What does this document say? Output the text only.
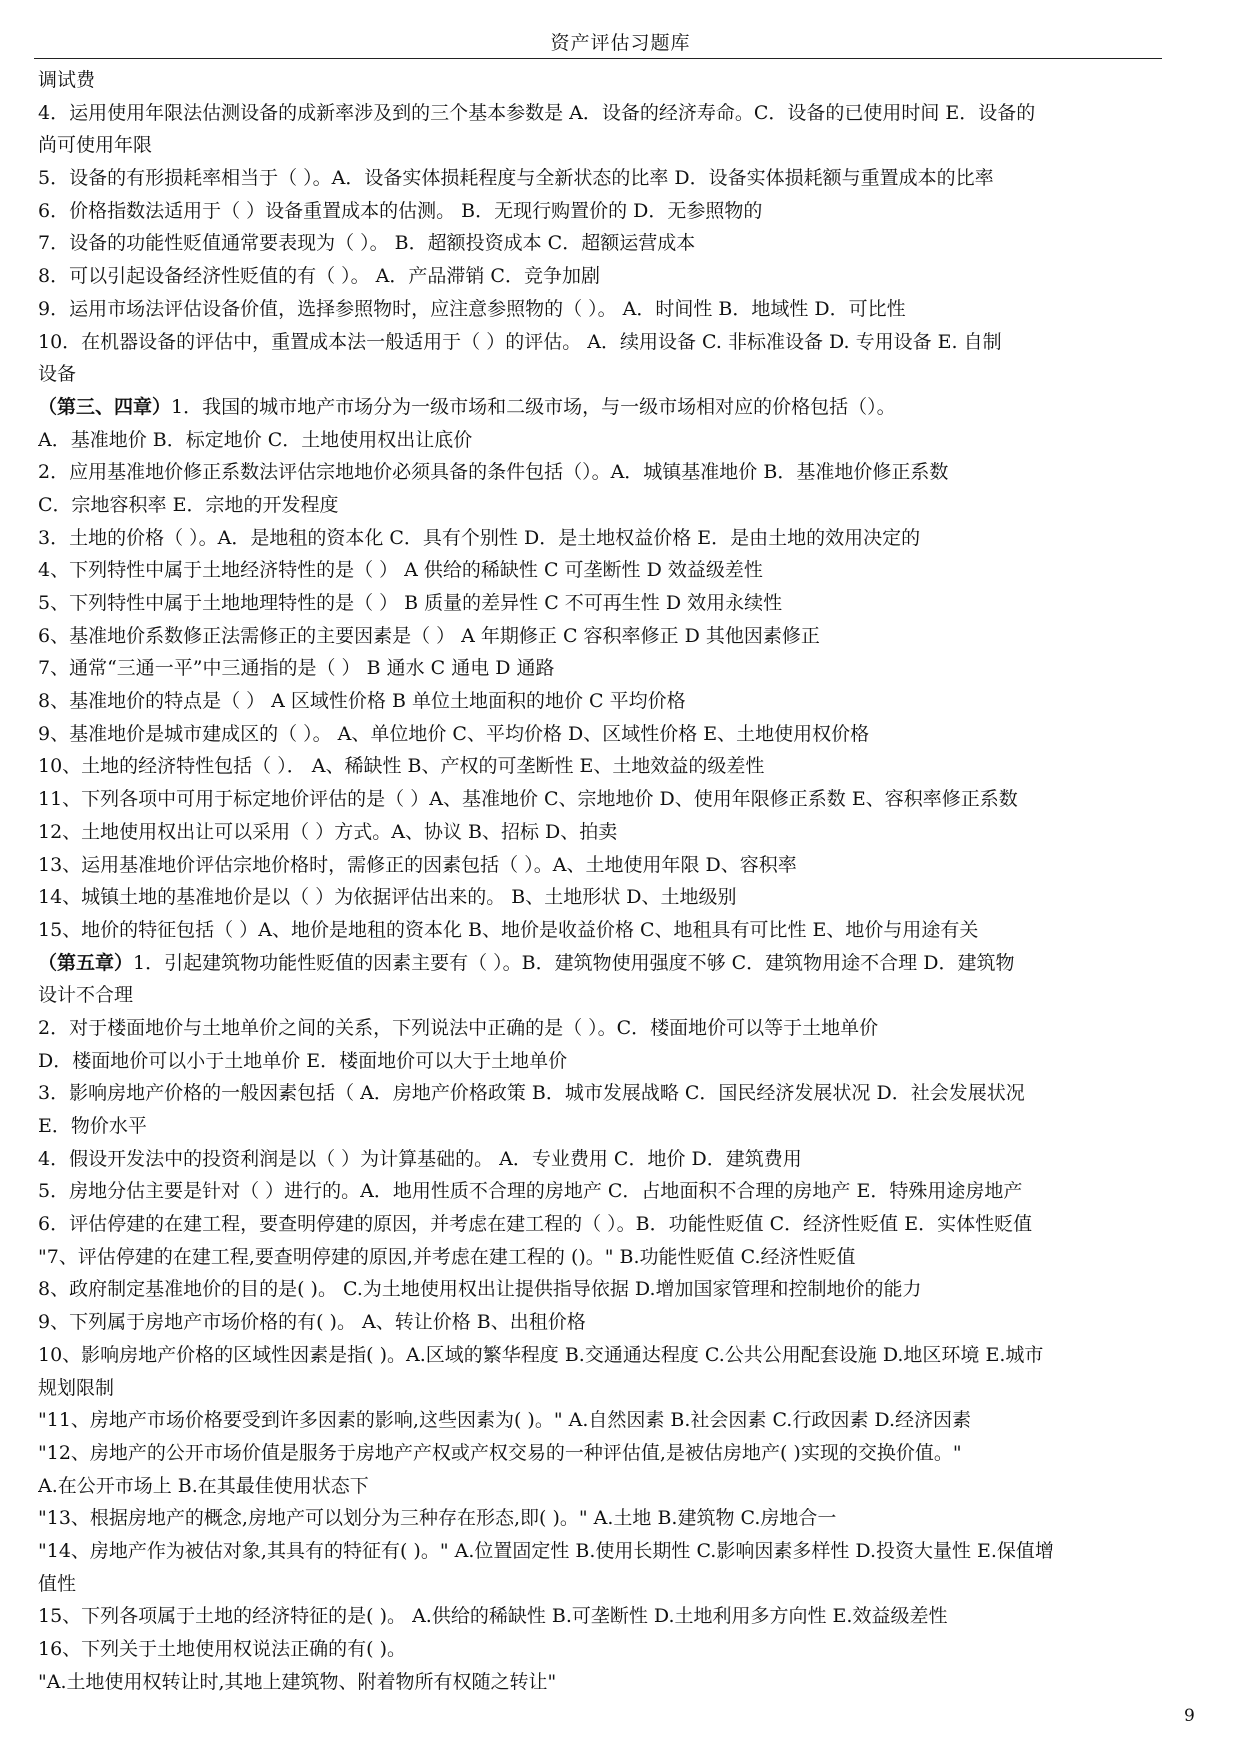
资产评估习题库
调试费
4．运用使用年限法估测设备的成新率涉及到的三个基本参数是 A．设备的经济寿命。C．设备的已使用时间 E．设备的
尚可使用年限
5．设备的有形损耗率相当于（ ）。A．设备实体损耗程度与全新状态的比率 D．设备实体损耗额与重置成本的比率
6．价格指数法适用于（ ）设备重置成本的估测。 B．无现行购置价的 D．无参照物的
7．设备的功能性贬值通常要表现为（ ）。 B．超额投资成本 C．超额运营成本
8．可以引起设备经济性贬值的有（ ）。 A．产品滞销 C．竞争加剧
9．运用市场法评估设备价值，选择参照物时，应注意参照物的（ ）。 A．时间性 B．地域性 D．可比性
10．在机器设备的评估中，重置成本法一般适用于（ ）的评估。 A．续用设备 C. 非标准设备 D. 专用设备 E. 自制
设备
（第三、四章）1．我国的城市地产市场分为一级市场和二级市场，与一级市场相对应的价格包括（）。
A．基准地价 B．标定地价 C．土地使用权出让底价
2．应用基准地价修正系数法评估宗地地价必须具备的条件包括（）。A．城镇基准地价 B．基准地价修正系数
C．宗地容积率 E．宗地的开发程度
3．土地的价格（ ）。A．是地租的资本化 C．具有个别性 D．是土地权益价格 E．是由土地的效用决定的
4、下列特性中属于土地经济特性的是（ ） A 供给的稀缺性 C 可垄断性 D 效益级差性
5、下列特性中属于土地地理特性的是（ ） B 质量的差异性 C 不可再生性 D 效用永续性
6、基准地价系数修正法需修正的主要因素是（ ） A 年期修正 C 容积率修正 D 其他因素修正
7、通常“三通一平”中三通指的是（ ） B 通水 C 通电 D 通路
8、基准地价的特点是（ ） A 区域性价格 B 单位土地面积的地价 C 平均价格
9、基准地价是城市建成区的（ ）。 A、单位地价 C、平均价格 D、区域性价格 E、土地使用权价格
10、土地的经济特性包括（ ）． A、稀缺性 B、产权的可垄断性 E、土地效益的级差性
11、下列各项中可用于标定地价评估的是（ ）A、基准地价 C、宗地地价 D、使用年限修正系数 E、容积率修正系数
12、土地使用权出让可以采用（ ）方式。A、协议 B、招标 D、拍卖
13、运用基准地价评估宗地价格时，需修正的因素包括（ ）。A、土地使用年限 D、容积率
14、城镇土地的基准地价是以（ ）为依据评估出来的。 B、土地形状 D、土地级别
15、地价的特征包括（ ）A、地价是地租的资本化 B、地价是收益价格 C、地租具有可比性 E、地价与用途有关
（第五章）1．引起建筑物功能性贬值的因素主要有（ ）。B．建筑物使用强度不够 C．建筑物用途不合理 D．建筑物
设计不合理
2．对于楼面地价与土地单价之间的关系，下列说法中正确的是（ ）。C．楼面地价可以等于土地单价
D．楼面地价可以小于土地单价 E．楼面地价可以大于土地单价
3．影响房地产价格的一般因素包括（ A．房地产价格政策 B．城市发展战略 C．国民经济发展状况 D．社会发展状况
E．物价水平
4．假设开发法中的投资利润是以（ ）为计算基础的。 A．专业费用 C．地价 D．建筑费用
5．房地分估主要是针对（ ）进行的。A．地用性质不合理的房地产 C．占地面积不合理的房地产 E．特殊用途房地产
6．评估停建的在建工程，要查明停建的原因，并考虑在建工程的（ ）。B．功能性贬值 C．经济性贬值 E．实体性贬值
"7、评估停建的在建工程,要查明停建的原因,并考虑在建工程的 ()。" B.功能性贬值 C.经济性贬值
8、政府制定基准地价的目的是( )。 C.为土地使用权出让提供指导依据 D.增加国家管理和控制地价的能力
9、下列属于房地产市场价格的有( )。 A、转让价格 B、出租价格
10、影响房地产价格的区域性因素是指( )。A.区域的繁华程度 B.交通通达程度 C.公共公用配套设施 D.地区环境 E.城市
规划限制
"11、房地产市场价格要受到许多因素的影响,这些因素为( )。" A.自然因素 B.社会因素 C.行政因素 D.经济因素
"12、房地产的公开市场价值是服务于房地产产权或产权交易的一种评估值,是被估房地产( )实现的交换价值。"
A.在公开市场上 B.在其最佳使用状态下
"13、根据房地产的概念,房地产可以划分为三种存在形态,即( )。" A.土地 B.建筑物 C.房地合一
"14、房地产作为被估对象,其具有的特征有( )。" A.位置固定性 B.使用长期性 C.影响因素多样性 D.投资大量性 E.保值增
值性
15、下列各项属于土地的经济特征的是( )。 A.供给的稀缺性 B.可垄断性 D.土地利用多方向性 E.效益级差性
16、下列关于土地使用权说法正确的有( )。
"A.土地使用权转让时,其地上建筑物、附着物所有权随之转让"
9
